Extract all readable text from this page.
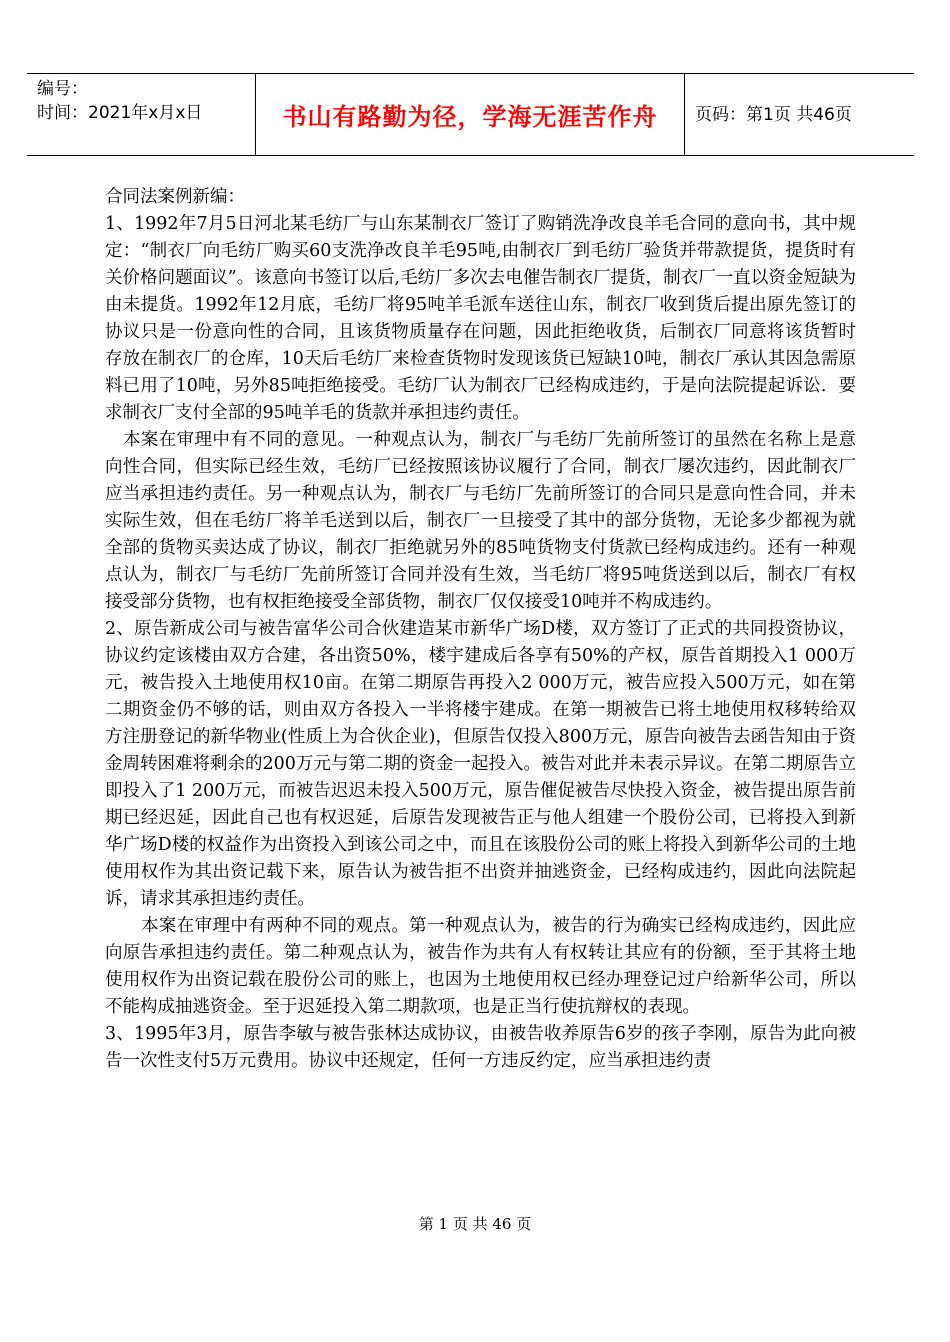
编号：
时间：2021年x月x日	书山有路勤为径，学海无涯苦作舟 页码：第1页 共46页

合同法案例新编：

1、1992年7月5日河北某毛纺厂与山东某制衣厂签订了购销洗净改良羊毛合同的意向书，其中规定：“制衣厂向毛纺厂购买60支洗净改良羊毛95吨,由制衣厂到毛纺厂验货并带款提货，提货时有关价格问题面议”。该意向书签订以后,毛纺厂多次去电催告制衣厂提货，制衣厂一直以资金短缺为由未提货。1992年12月底，毛纺厂将95吨羊毛派车送往山东，制衣厂收到货后提出原先签订的协议只是一份意向性的合同，且该货物质量存在问题，因此拒绝收货，后制衣厂同意将该货暂时存放在制衣厂的仓库，10天后毛纺厂来检查货物时发现该货已短缺10吨，制衣厂承认其因急需原料已用了10吨，另外85吨拒绝接受。毛纺厂认为制衣厂已经构成违约，于是向法院提起诉讼．要求制衣厂支付全部的95吨羊毛的货款并承担违约责任。

本案在审理中有不同的意见。一种观点认为，制衣厂与毛纺厂先前所签订的虽然在名称上是意向性合同，但实际已经生效，毛纺厂已经按照该协议履行了合同，制衣厂屡次违约，因此制衣厂应当承担违约责任。另一种观点认为，制衣厂与毛纺厂先前所签订的合同只是意向性合同，并未实际生效，但在毛纺厂将羊毛送到以后，制衣厂一旦接受了其中的部分货物，无论多少都视为就全部的货物买卖达成了协议，制衣厂拒绝就另外的85吨货物支付货款已经构成违约。还有一种观点认为，制衣厂与毛纺厂先前所签订合同并没有生效，当毛纺厂将95吨货送到以后，制衣厂有权接受部分货物，也有权拒绝接受全部货物，制衣厂仅仅接受10吨并不构成违约。

2、原告新成公司与被告富华公司合伙建造某市新华广场D楼，双方签订了正式的共同投资协议，协议约定该楼由双方合建，各出资50%，楼宇建成后各享有50%的产权，原告首期投入1 000万元，被告投入土地使用权10亩。在第二期原告再投入2 000万元，被告应投入500万元，如在第二期资金仍不够的话，则由双方各投入一半将楼宇建成。在第一期被告已将土地使用权移转给双方注册登记的新华物业(性质上为合伙企业)，但原告仅投入800万元，原告向被告去函告知由于资金周转困难将剩余的200万元与第二期的资金一起投入。被告对此并未表示异议。在第二期原告立即投入了1 200万元，而被告迟迟未投入500万元，原告催促被告尽快投入资金，被告提出原告前期已经迟延，因此自己也有权迟延，后原告发现被告正与他人组建一个股份公司，已将投入到新华广场D楼的权益作为出资投入到该公司之中，而且在该股份公司的账上将投入到新华公司的土地使用权作为其出资记载下来，原告认为被告拒不出资并抽逃资金，已经构成违约，因此向法院起诉，请求其承担违约责任。

本案在审理中有两种不同的观点。第一种观点认为，被告的行为确实已经构成违约，因此应向原告承担违约责任。第二种观点认为，被告作为共有人有权转让其应有的份额，至于其将土地使用权作为出资记载在股份公司的账上，也因为土地使用权已经办理登记过户给新华公司，所以不能构成抽逃资金。至于迟延投入第二期款项，也是正当行使抗辩权的表现。

3、1995年3月，原告李敏与被告张林达成协议，由被告收养原告6岁的孩子李刚，原告为此向被告一次性支付5万元费用。协议中还规定，任何一方违反约定，应当承担违约责

第 1 页 共 46 页
